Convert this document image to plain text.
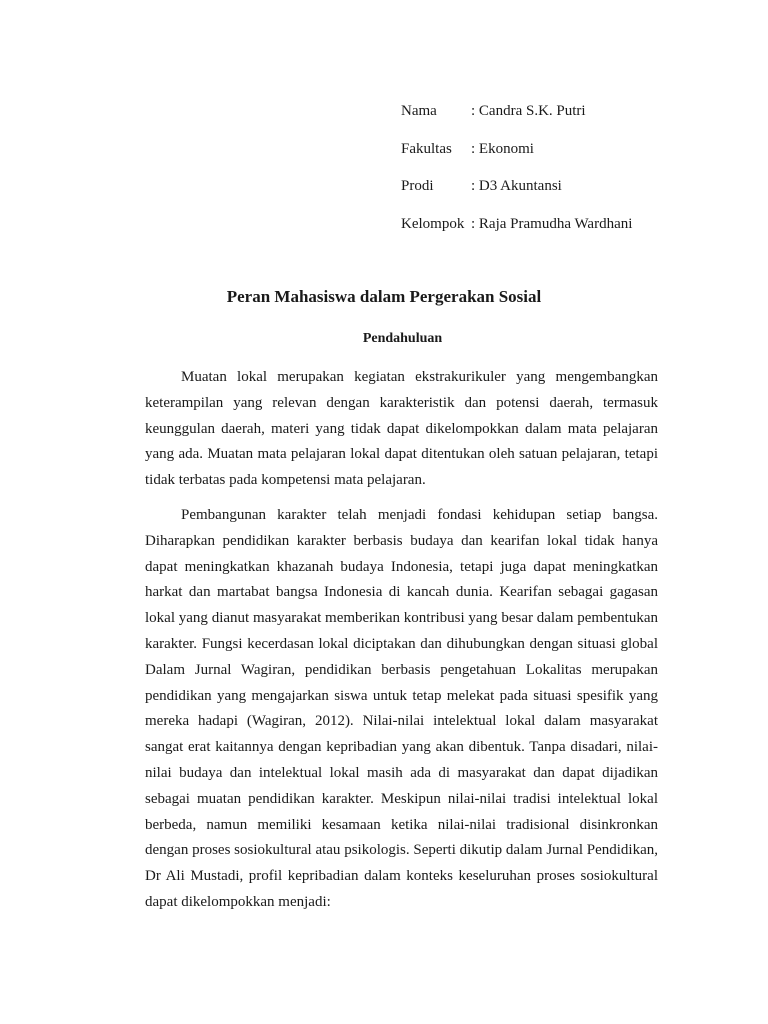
Nama	: Candra S.K. Putri
Fakultas	: Ekonomi
Prodi	: D3 Akuntansi
Kelompok : Raja Pramudha Wardhani
Peran Mahasiswa dalam Pergerakan Sosial
Pendahuluan

Muatan lokal merupakan kegiatan ekstrakurikuler yang mengembangkan keterampilan yang relevan dengan karakteristik dan potensi daerah, termasuk keunggulan daerah, materi yang tidak dapat dikelompokkan dalam mata pelajaran yang ada. Muatan mata pelajaran lokal dapat ditentukan oleh satuan pelajaran, tetapi tidak terbatas pada kompetensi mata pelajaran.

Pembangunan karakter telah menjadi fondasi kehidupan setiap bangsa. Diharapkan pendidikan karakter berbasis budaya dan kearifan lokal tidak hanya dapat meningkatkan khazanah budaya Indonesia, tetapi juga dapat meningkatkan harkat dan martabat bangsa Indonesia di kancah dunia. Kearifan sebagai gagasan lokal yang dianut masyarakat memberikan kontribusi yang besar dalam pembentukan karakter. Fungsi kecerdasan lokal diciptakan dan dihubungkan dengan situasi global Dalam Jurnal Wagiran, pendidikan berbasis pengetahuan Lokalitas merupakan pendidikan yang mengajarkan siswa untuk tetap melekat pada situasi spesifik yang mereka hadapi (Wagiran, 2012). Nilai-nilai intelektual lokal dalam masyarakat sangat erat kaitannya dengan kepribadian yang akan dibentuk. Tanpa disadari, nilai-nilai budaya dan intelektual lokal masih ada di masyarakat dan dapat dijadikan sebagai muatan pendidikan karakter. Meskipun nilai-nilai tradisi intelektual lokal berbeda, namun memiliki kesamaan ketika nilai-nilai tradisional disinkronkan dengan proses sosiokultural atau psikologis. Seperti dikutip dalam Jurnal Pendidikan, Dr Ali Mustadi, profil kepribadian dalam konteks keseluruhan proses sosiokultural dapat dikelompokkan menjadi:
